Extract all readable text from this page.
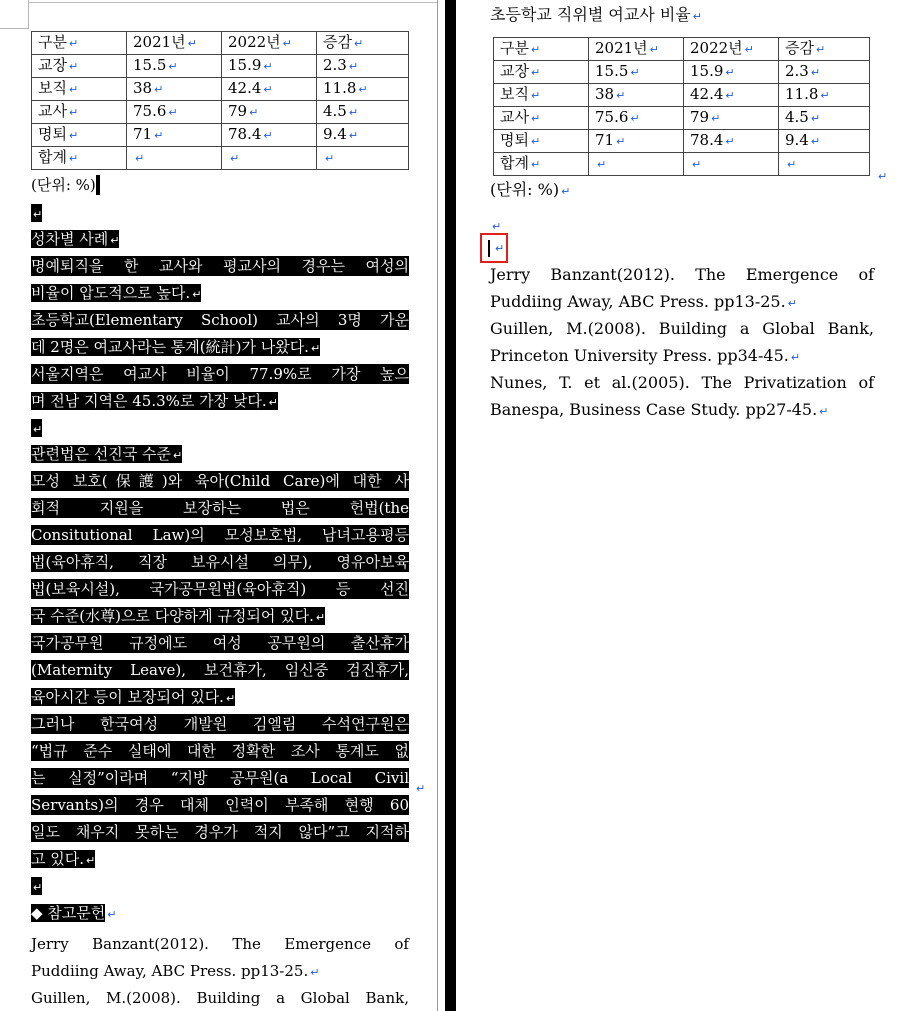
구분 ↵	2021년 ↵	2022년 ↵	증감 ↵
교장 ↵	15.5 ↵	15.9 ↵	2.3 ↵
보직 ↵	38 ↵	42.4 ↵	11.8 ↵
교사 ↵	75.6 ↵	79 ↵	4.5 ↵
명퇴 ↵	71 ↵	78.4 ↵	9.4 ↵
합계 ↵	↵	↵	↵
(단위: %)
↵
성차별 사례 ↵
명예퇴직을 한 교사와 평교사의 경우는 여성의
비율이 압도적으로 높다. ↵
초등학교(Elementary School) 교사의 3명 가운
데 2명은 여교사라는 통계(統計)가 나왔다. ↵
서울지역은 여교사 비율이 77.9%로 가장 높으
며 전남 지역은 45.3%로 가장 낮다. ↵
↵
관련법은 선진국 수준 ↵
모성 보호(保護)와 육아(Child Care)에 대한 사
회적 지원을 보장하는 법은 헌법(the
Consitutional Law)의 모성보호법, 남녀고용평등
법(육아휴직, 직장 보유시설 의무), 영유아보육
법(보육시설), 국가공무원법(육아휴직) 등 선진
국 수준(水尊)으로 다양하게 규정되어 있다. ↵
국가공무원 규정에도 여성 공무원의 출산휴가
(Maternity Leave), 보건휴가, 임신중 검진휴가,
육아시간 등이 보장되어 있다. ↵
그러나 한국여성 개발원 김엘림 수석연구원은
“법규 준수 실태에 대한 정확한 조사 통계도 없
는 실정”이라며 “지방 공무원(a Local Civil
Servants)의 경우 대체 인력이 부족해 현행 60
일도 채우지 못하는 경우가 적지 않다”고 지적하
고 있다. ↵
↵
◆ 참고문헌 ↵
Jerry Banzant(2012). The Emergence of
Puddiing Away, ABC Press. pp13-25. ↵
Guillen, M.(2008). Building a Global Bank,
↵
초등학교 직위별 여교사 비율 ↵
구분 ↵	2021년 ↵	2022년 ↵	증감 ↵
교장 ↵	15.5 ↵	15.9 ↵	2.3 ↵
보직 ↵	38 ↵	42.4 ↵	11.8 ↵
교사 ↵	75.6 ↵	79 ↵	4.5 ↵
명퇴 ↵	71 ↵	78.4 ↵	9.4 ↵
합계 ↵	↵	↵	↵
(단위: %) ↵
↵
Jerry Banzant(2012). The Emergence of
Puddiing Away, ABC Press. pp13-25. ↵
Guillen, M.(2008). Building a Global Bank,
Princeton University Press. pp34-45. ↵
Nunes, T. et al.(2005). The Privatization of
Banespa, Business Case Study. pp27-45. ↵
↵
↵
